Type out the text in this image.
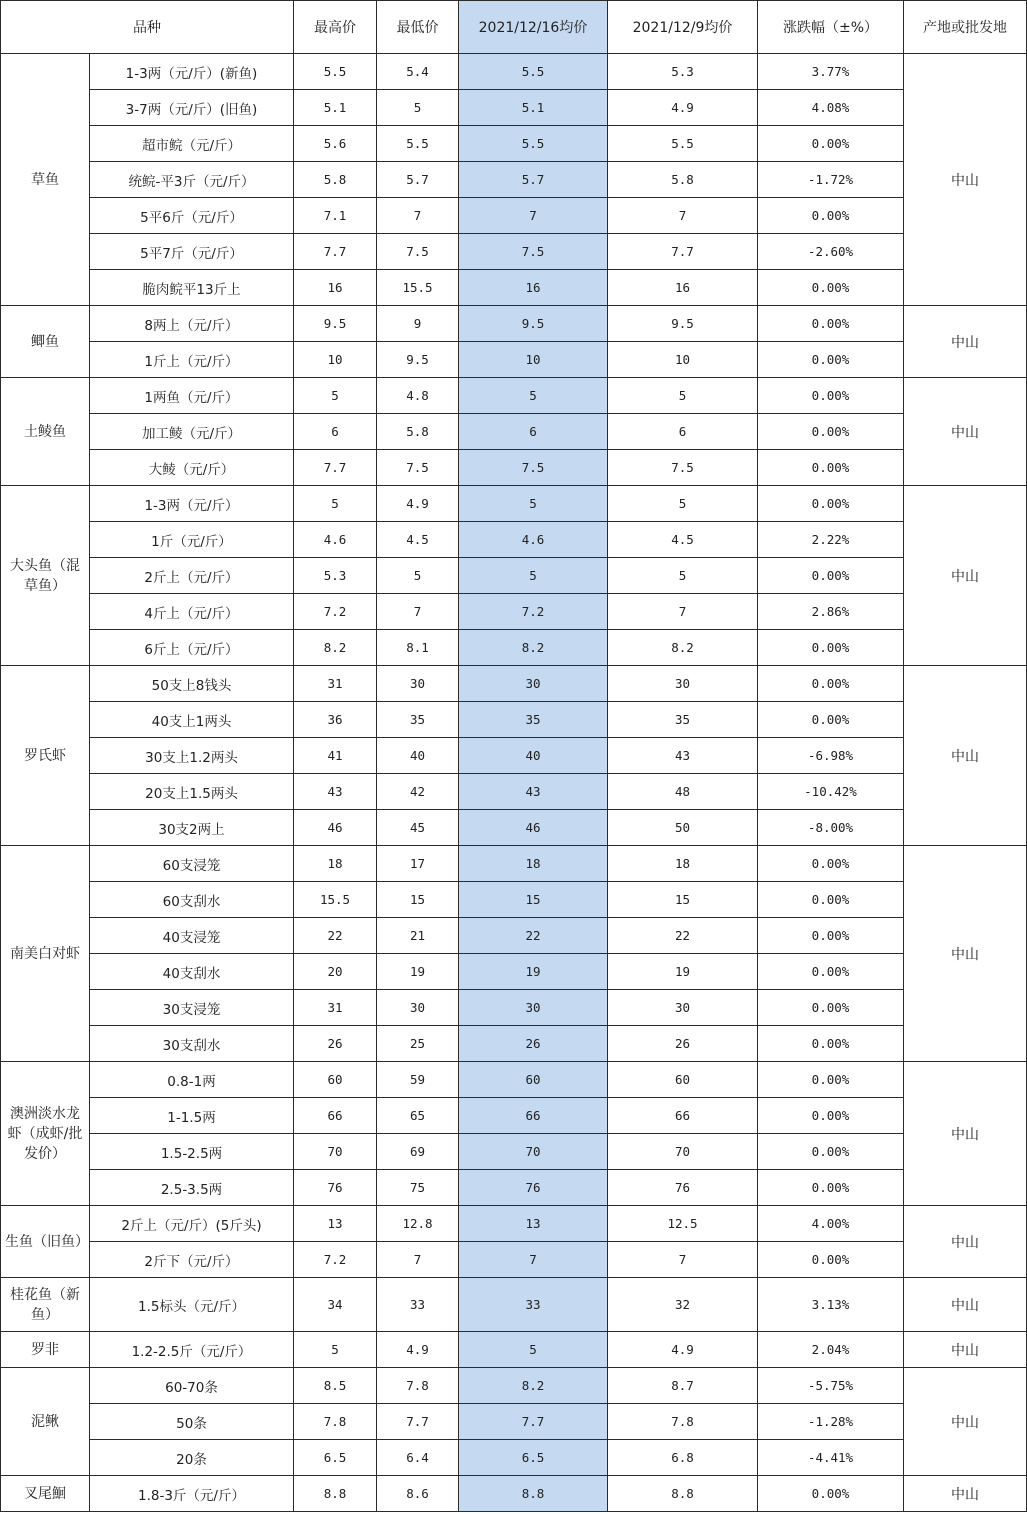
品种		最高价	最低价	2021/12/16均价	2021/12/9均价	涨跌幅（±%）	产地或批发地
草鱼	1-3两（元/斤）(新鱼)	5.5	5.4	5.5	5.3	3.77%	中山
	3-7两（元/斤）(旧鱼)	5.1	5	5.1	4.9	4.08%	
	超市鲩（元/斤）	5.6	5.5	5.5	5.5	0.00%	
	统鲩-平3斤（元/斤）	5.8	5.7	5.7	5.8	-1.72%	
	5平6斤（元/斤）	7.1	7	7	7	0.00%	
	5平7斤（元/斤）	7.7	7.5	7.5	7.7	-2.60%	
	脆肉鲩平13斤上	16	15.5	16	16	0.00%	
鲫鱼	8两上（元/斤）	9.5	9	9.5	9.5	0.00%	中山
	1斤上（元/斤）	10	9.5	10	10	0.00%	
土鲮鱼	1两鱼（元/斤）	5	4.8	5	5	0.00%	中山
	加工鲮（元/斤）	6	5.8	6	6	0.00%	
	大鲮（元/斤）	7.7	7.5	7.5	7.5	0.00%	
大头鱼（混草鱼）	1-3两（元/斤）	5	4.9	5	5	0.00%	中山
	1斤（元/斤）	4.6	4.5	4.6	4.5	2.22%	
	2斤上（元/斤）	5.3	5	5	5	0.00%	
	4斤上（元/斤）	7.2	7	7.2	7	2.86%	
	6斤上（元/斤）	8.2	8.1	8.2	8.2	0.00%	
罗氏虾	50支上8钱头	31	30	30	30	0.00%	中山
	40支上1两头	36	35	35	35	0.00%	
	30支上1.2两头	41	40	40	43	-6.98%	
	20支上1.5两头	43	42	43	48	-10.42%	
	30支2两上	46	45	46	50	-8.00%	
南美白对虾	60支浸笼	18	17	18	18	0.00%	中山
	60支刮水	15.5	15	15	15	0.00%	
	40支浸笼	22	21	22	22	0.00%	
	40支刮水	20	19	19	19	0.00%	
	30支浸笼	31	30	30	30	0.00%	
	30支刮水	26	25	26	26	0.00%	
澳洲淡水龙虾（成虾/批发价）	0.8-1两	60	59	60	60	0.00%	中山
	1-1.5两	66	65	66	66	0.00%	
	1.5-2.5两	70	69	70	70	0.00%	
	2.5-3.5两	76	75	76	76	0.00%	
生鱼（旧鱼）	2斤上（元/斤）(5斤头)	13	12.8	13	12.5	4.00%	中山
	2斤下（元/斤）	7.2	7	7	7	0.00%	
桂花鱼（新鱼）	1.5标头（元/斤）	34	33	33	32	3.13%	中山
罗非	1.2-2.5斤（元/斤）	5	4.9	5	4.9	2.04%	中山
泥鳅	60-70条	8.5	7.8	8.2	8.7	-5.75%	中山
	50条	7.8	7.7	7.7	7.8	-1.28%	
	20条	6.5	6.4	6.5	6.8	-4.41%	
叉尾鮰	1.8-3斤（元/斤）	8.8	8.6	8.8	8.8	0.00%	中山
